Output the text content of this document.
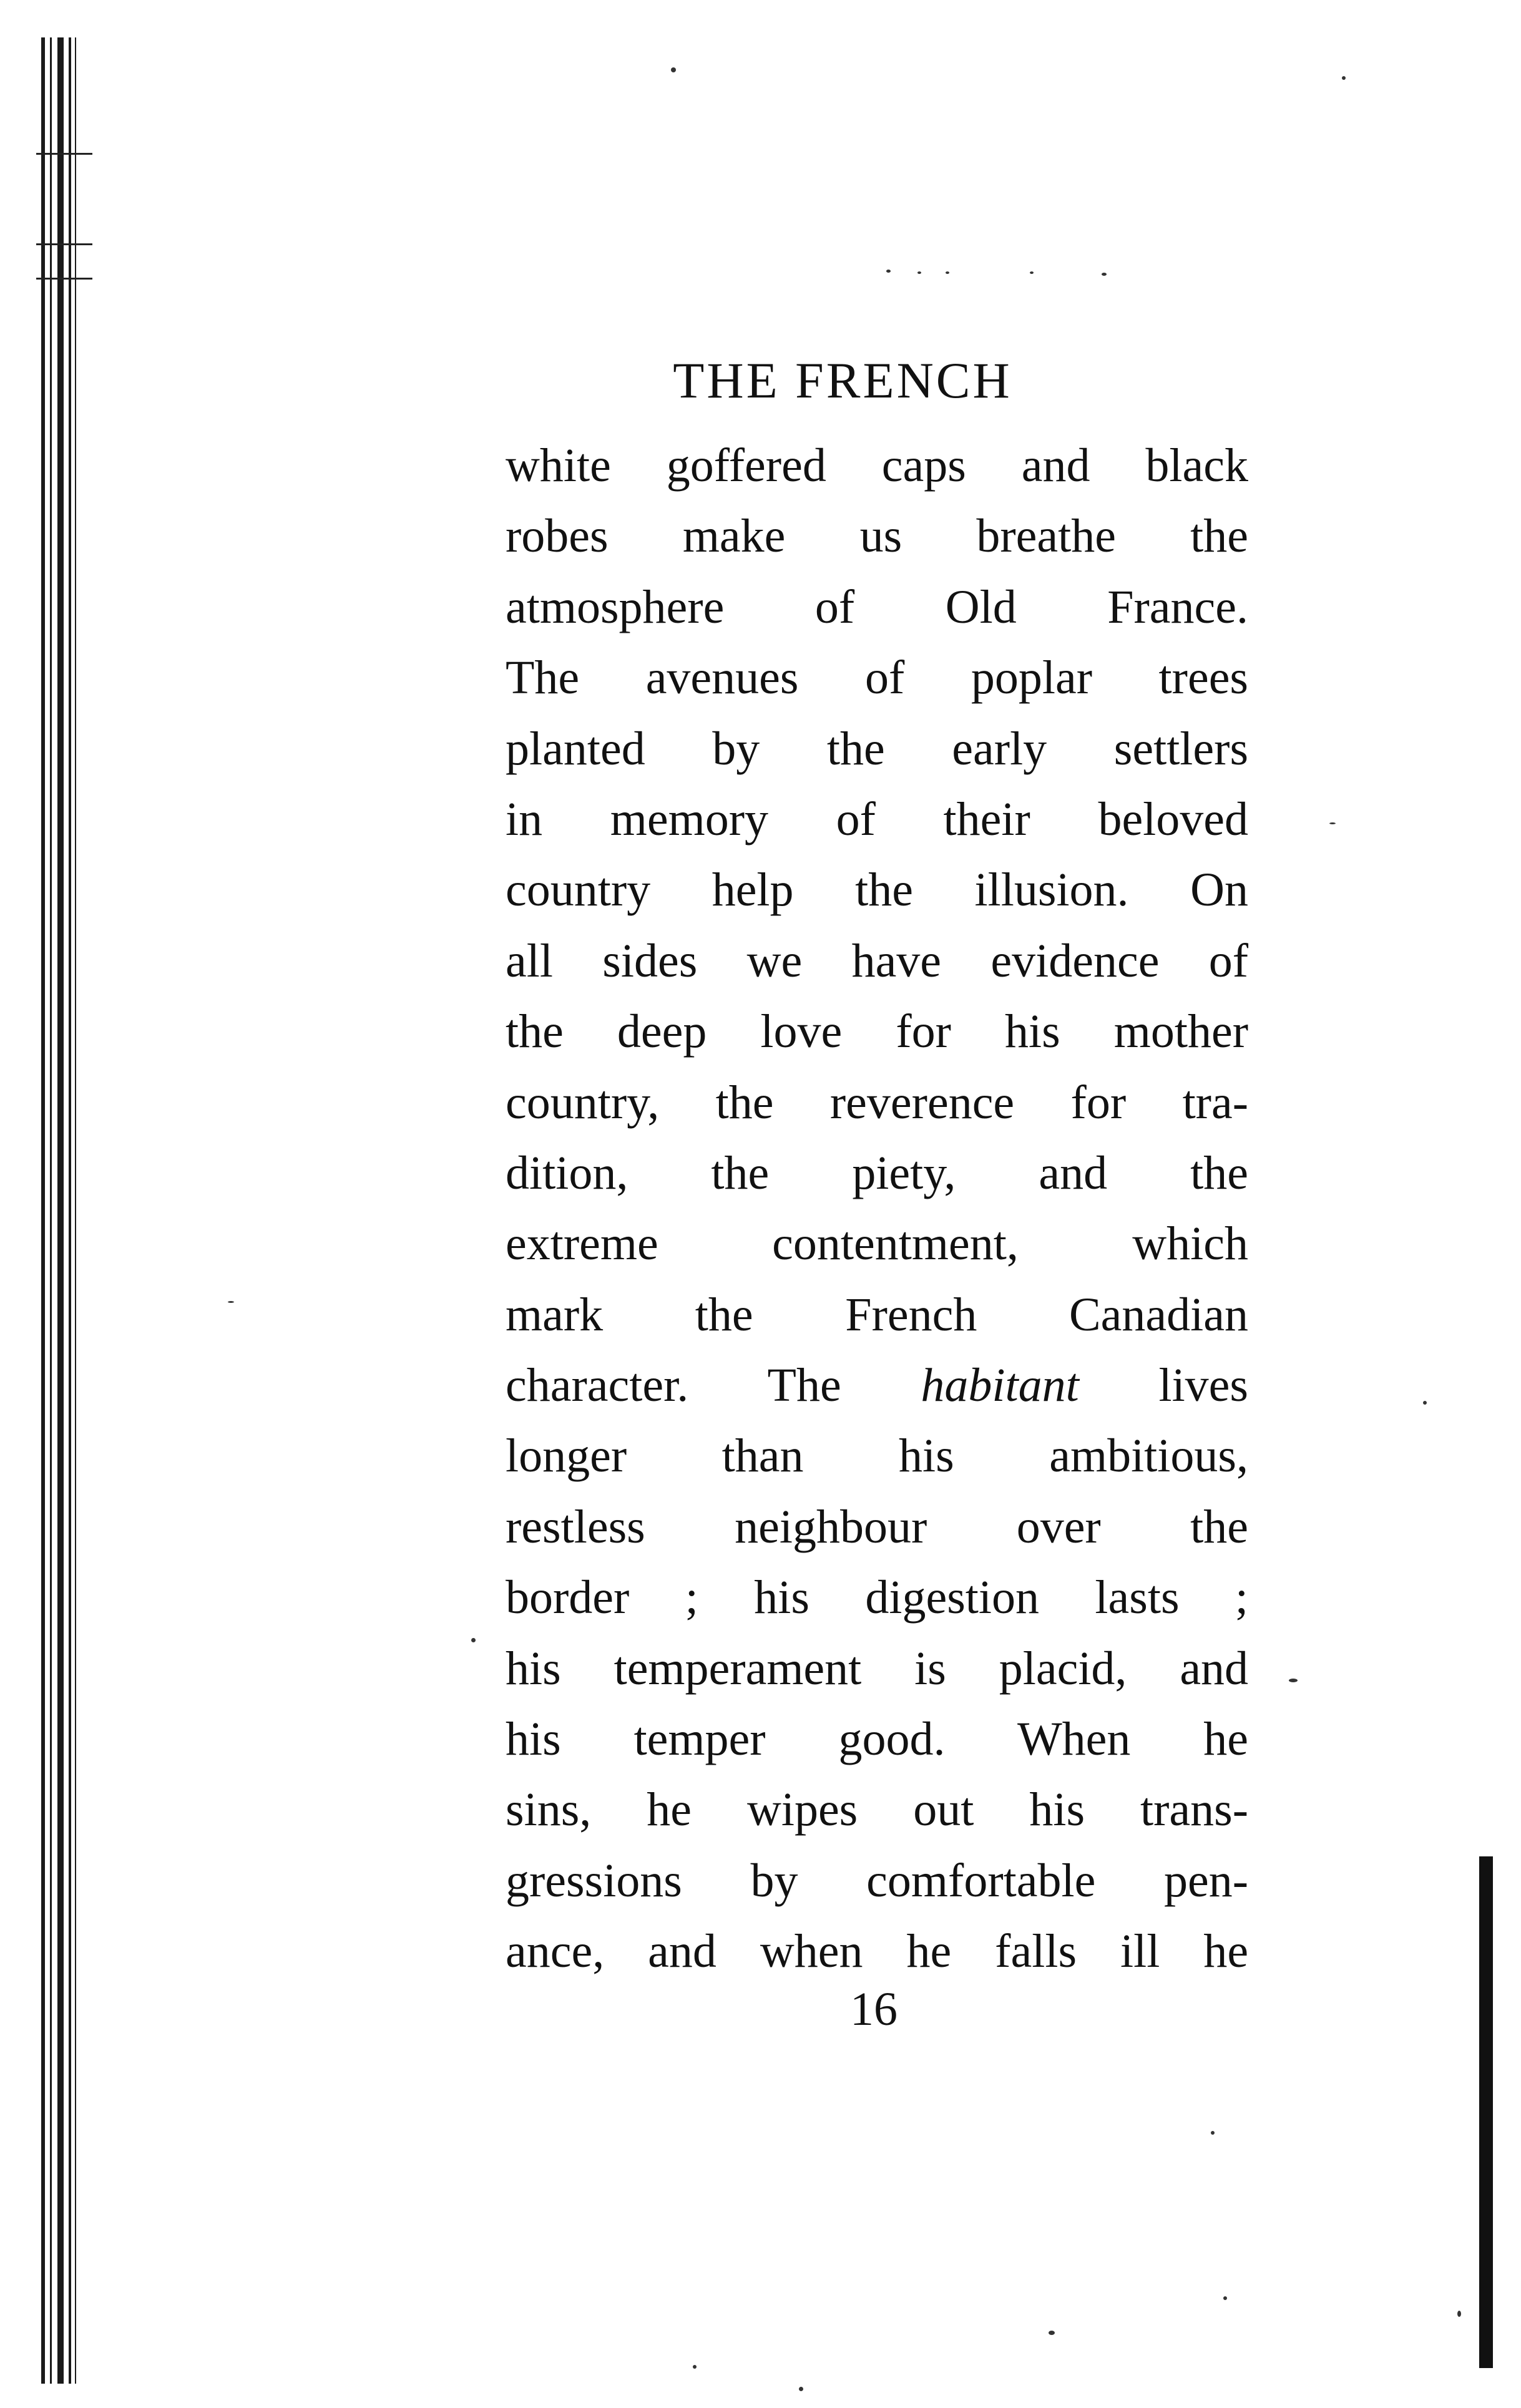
THE FRENCH
white goffered caps and black
robes make us breathe the
atmosphere of Old France.
The avenues of poplar trees
planted by the early settlers
in memory of their beloved
country help the illusion. On
all sides we have evidence of
the deep love for his mother
country, the reverence for tra-
dition, the piety, and the
extreme contentment, which
mark the French Canadian
character. The habitant lives
longer than his ambitious,
restless neighbour over the
border ; his digestion lasts ;
his temperament is placid, and
his temper good. When he
sins, he wipes out his trans-
gressions by comfortable pen-
ance, and when he falls ill he

16
